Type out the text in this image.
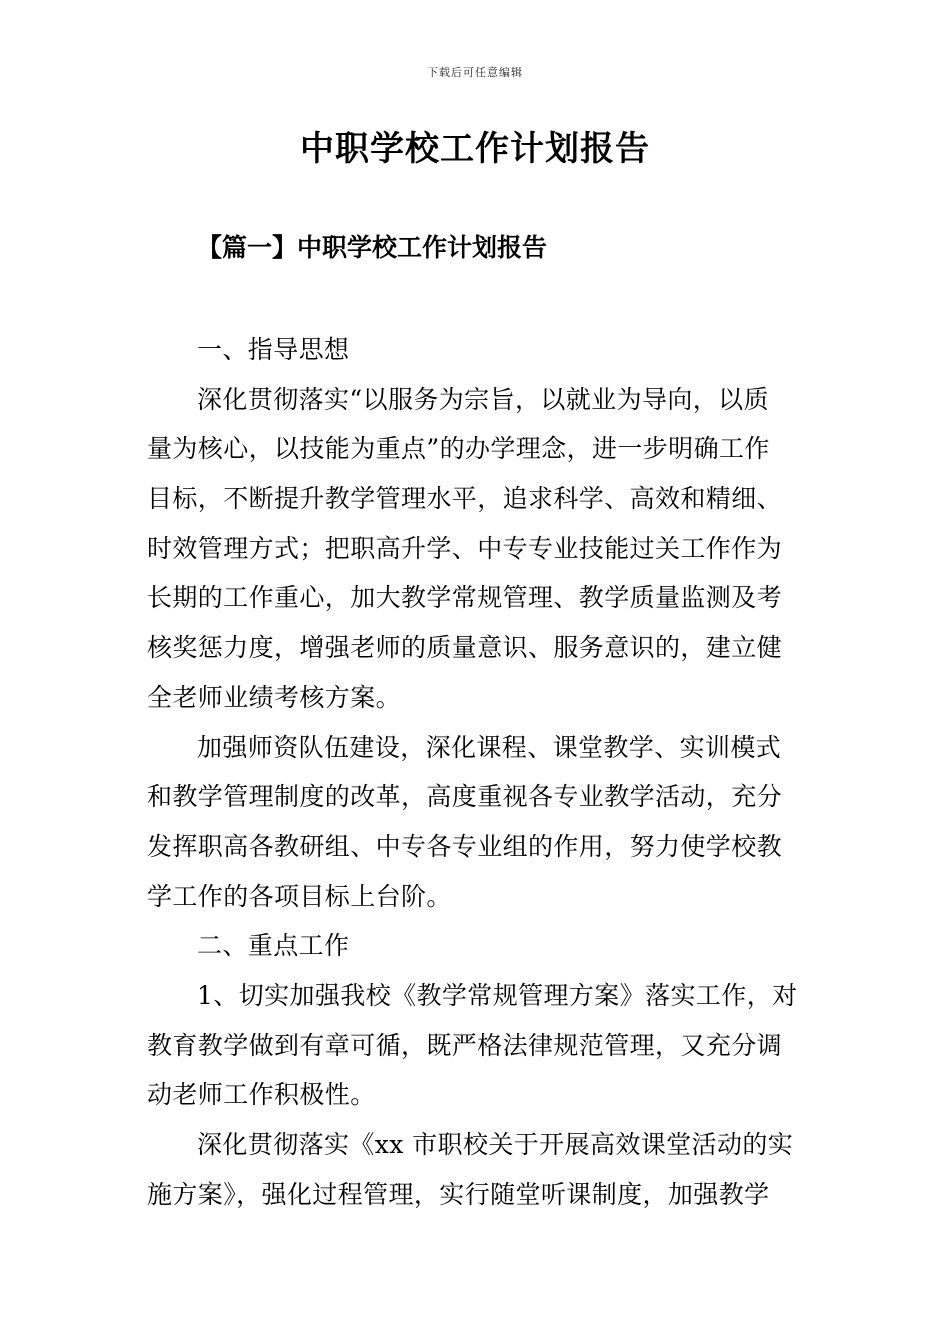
下载后可任意编辑
中职学校工作计划报告
【篇一】中职学校工作计划报告
一、指导思想
深化贯彻落实“以服务为宗旨，以就业为导向，以质
量为核心，以技能为重点”的办学理念，进一步明确工作
目标，不断提升教学管理水平，追求科学、高效和精细、
时效管理方式；把职高升学、中专专业技能过关工作作为
长期的工作重心，加大教学常规管理、教学质量监测及考
核奖惩力度，增强老师的质量意识、服务意识的，建立健
全老师业绩考核方案。
加强师资队伍建设，深化课程、课堂教学、实训模式
和教学管理制度的改革，高度重视各专业教学活动，充分
发挥职高各教研组、中专各专业组的作用，努力使学校教
学工作的各项目标上台阶。
二、重点工作
1、切实加强我校《教学常规管理方案》落实工作，对
教育教学做到有章可循，既严格法律规范管理，又充分调
动老师工作积极性。
深化贯彻落实《xx 市职校关于开展高效课堂活动的实
施方案》，强化过程管理，实行随堂听课制度，加强教学
